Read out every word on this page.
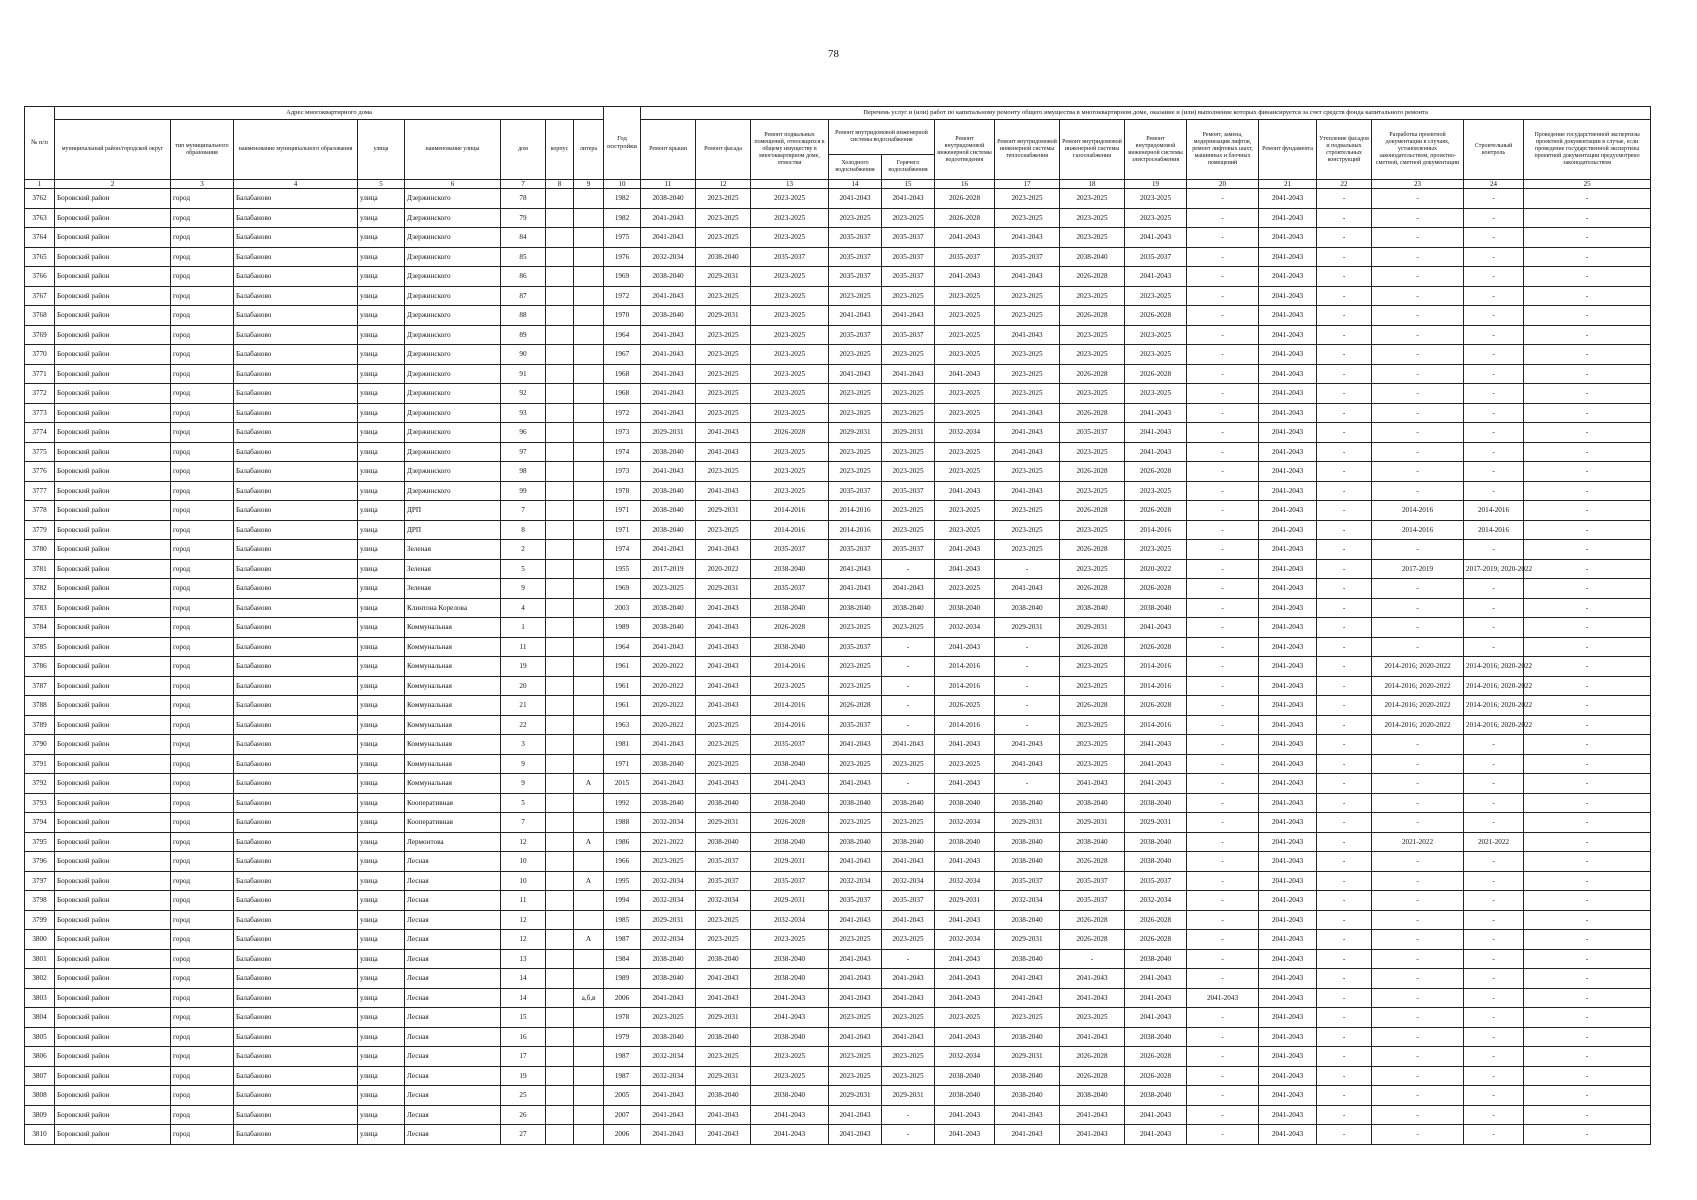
78
№ п/п	Адрес многоквартирного дома								Год постройки	Перечень услуг и (или) работ по капитальному ремонту общего имущества в многоквартирном доме, оказание и (или) выполнение которых финансируется за счет средств фонда капитального ремонта														
	муниципальный район/городской округ	тип муниципального образования	наименование муниципального образования	улица	наименование улицы	дом	корпус	литера		Ремонт крыши	Ремонт фасада	Ремонт подвальных помещений, относящихся к общему имуществу в многоквартирном доме, отмостки	Ремонт внутридомовой инженерной системы водоснабжения		Ремонт внутридомовой инженерной системы водоотведения	Ремонт внутридомовой инженерной системы теплоснабжения	Ремонт внутридомовой инженерной системы газоснабжения	Ремонт внутридомовой инженерной системы электроснабжения	Ремонт, замена, модернизация лифтов, ремонт лифтовых шахт, машинных и блочных помещений	Ремонт фундамента	Утепление фасадов и подвальных строительных конструкций	Разработка проектной документации в случаях, установленных законодательством, проектно-сметной, сметной документации	Строительный контроль	Проведение государственной экспертизы проектной документации в случае, если проведение государственной экспертизы проектной документации предусмотрено законодательством
													Холодного водоснабжения	Горячего водоснабжения										
1	2	3	4	5	6	7	8	9	10	11	12	13	14	15	16	17	18	19	20	21	22	23	24	25
3762	Боровский район	город	Балабаново	улица	Дзержинского	78			1982	2038-2040	2023-2025	2023-2025	2041-2043	2041-2043	2026-2028	2023-2025	2023-2025	2023-2025	-	2041-2043	-	-	-	-
3763	Боровский район	город	Балабаново	улица	Дзержинского	79			1982	2041-2043	2023-2025	2023-2025	2023-2025	2023-2025	2026-2028	2023-2025	2023-2025	2023-2025	-	2041-2043	-	-	-	-
3764	Боровский район	город	Балабаново	улица	Дзержинского	84			1975	2041-2043	2023-2025	2023-2025	2035-2037	2035-2037	2041-2043	2041-2043	2023-2025	2041-2043	-	2041-2043	-	-	-	-
3765	Боровский район	город	Балабаново	улица	Дзержинского	85			1976	2032-2034	2038-2040	2035-2037	2035-2037	2035-2037	2035-2037	2035-2037	2038-2040	2035-2037	-	2041-2043	-	-	-	-
3766	Боровский район	город	Балабаново	улица	Дзержинского	86			1969	2038-2040	2029-2031	2023-2025	2035-2037	2035-2037	2041-2043	2041-2043	2026-2028	2041-2043	-	2041-2043	-	-	-	-
3767	Боровский район	город	Балабаново	улица	Дзержинского	87			1972	2041-2043	2023-2025	2023-2025	2023-2025	2023-2025	2023-2025	2023-2025	2023-2025	2023-2025	-	2041-2043	-	-	-	-
3768	Боровский район	город	Балабаново	улица	Дзержинского	88			1970	2038-2040	2029-2031	2023-2025	2041-2043	2041-2043	2023-2025	2023-2025	2026-2028	2026-2028	-	2041-2043	-	-	-	-
3769	Боровский район	город	Балабаново	улица	Дзержинского	89			1964	2041-2043	2023-2025	2023-2025	2035-2037	2035-2037	2023-2025	2041-2043	2023-2025	2023-2025	-	2041-2043	-	-	-	-
3770	Боровский район	город	Балабаново	улица	Дзержинского	90			1967	2041-2043	2023-2025	2023-2025	2023-2025	2023-2025	2023-2025	2023-2025	2023-2025	2023-2025	-	2041-2043	-	-	-	-
3771	Боровский район	город	Балабаново	улица	Дзержинского	91			1968	2041-2043	2023-2025	2023-2025	2041-2043	2041-2043	2041-2043	2023-2025	2026-2028	2026-2028	-	2041-2043	-	-	-	-
3772	Боровский район	город	Балабаново	улица	Дзержинского	92			1968	2041-2043	2023-2025	2023-2025	2023-2025	2023-2025	2023-2025	2023-2025	2023-2025	2023-2025	-	2041-2043	-	-	-	-
3773	Боровский район	город	Балабаново	улица	Дзержинского	93			1972	2041-2043	2023-2025	2023-2025	2023-2025	2023-2025	2023-2025	2041-2043	2026-2028	2041-2043	-	2041-2043	-	-	-	-
3774	Боровский район	город	Балабаново	улица	Дзержинского	96			1973	2029-2031	2041-2043	2026-2028	2029-2031	2029-2031	2032-2034	2041-2043	2035-2037	2041-2043	-	2041-2043	-	-	-	-
3775	Боровский район	город	Балабаново	улица	Дзержинского	97			1974	2038-2040	2041-2043	2023-2025	2023-2025	2023-2025	2023-2025	2041-2043	2023-2025	2041-2043	-	2041-2043	-	-	-	-
3776	Боровский район	город	Балабаново	улица	Дзержинского	98			1973	2041-2043	2023-2025	2023-2025	2023-2025	2023-2025	2023-2025	2023-2025	2026-2028	2026-2028	-	2041-2043	-	-	-	-
3777	Боровский район	город	Балабаново	улица	Дзержинского	99			1978	2038-2040	2041-2043	2023-2025	2035-2037	2035-2037	2041-2043	2041-2043	2023-2025	2023-2025	-	2041-2043	-	-	-	-
3778	Боровский район	город	Балабаново	улица	ДРП	7			1971	2038-2040	2029-2031	2014-2016	2014-2016	2023-2025	2023-2025	2023-2025	2026-2028	2026-2028	-	2041-2043	-	2014-2016	2014-2016	-
3779	Боровский район	город	Балабаново	улица	ДРП	8			1971	2038-2040	2023-2025	2014-2016	2014-2016	2023-2025	2023-2025	2023-2025	2023-2025	2014-2016	-	2041-2043	-	2014-2016	2014-2016	-
3780	Боровский район	город	Балабаново	улица	Зеленая	2			1974	2041-2043	2041-2043	2035-2037	2035-2037	2035-2037	2041-2043	2023-2025	2026-2028	2023-2025	-	2041-2043	-	-	-	-
3781	Боровский район	город	Балабаново	улица	Зеленая	5			1955	2017-2019	2020-2022	2038-2040	2041-2043	-	2041-2043	-	2023-2025	2020-2022	-	2041-2043	-	2017-2019	2017-2019; 2020-2022	-
3782	Боровский район	город	Балабаново	улица	Зеленая	9			1969	2023-2025	2029-2031	2035-2037	2041-2043	2041-2043	2023-2025	2041-2043	2026-2028	2026-2028	-	2041-2043	-	-	-	-
3783	Боровский район	город	Балабаново	улица	Клинтона Корелова	4			2003	2038-2040	2041-2043	2038-2040	2038-2040	2038-2040	2038-2040	2038-2040	2038-2040	2038-2040	-	2041-2043	-	-	-	-
3784	Боровский район	город	Балабаново	улица	Коммунальная	1			1989	2038-2040	2041-2043	2026-2028	2023-2025	2023-2025	2032-2034	2029-2031	2029-2031	2041-2043	-	2041-2043	-	-	-	-
3785	Боровский район	город	Балабаново	улица	Коммунальная	11			1964	2041-2043	2041-2043	2038-2040	2035-2037	-	2041-2043	-	2026-2028	2026-2028	-	2041-2043	-	-	-	-
3786	Боровский район	город	Балабаново	улица	Коммунальная	19			1961	2020-2022	2041-2043	2014-2016	2023-2025	-	2014-2016	-	2023-2025	2014-2016	-	2041-2043	-	2014-2016; 2020-2022	2014-2016; 2020-2022	-
3787	Боровский район	город	Балабаново	улица	Коммунальная	20			1961	2020-2022	2041-2043	2023-2025	2023-2025	-	2014-2016	-	2023-2025	2014-2016	-	2041-2043	-	2014-2016; 2020-2022	2014-2016; 2020-2022	-
3788	Боровский район	город	Балабаново	улица	Коммунальная	21			1961	2020-2022	2041-2043	2014-2016	2026-2028	-	2026-2025	-	2026-2028	2026-2028	-	2041-2043	-	2014-2016; 2020-2022	2014-2016; 2020-2022	-
3789	Боровский район	город	Балабаново	улица	Коммунальная	22			1963	2020-2022	2023-2025	2014-2016	2035-2037	-	2014-2016	-	2023-2025	2014-2016	-	2041-2043	-	2014-2016; 2020-2022	2014-2016; 2020-2022	-
3790	Боровский район	город	Балабаново	улица	Коммунальная	3			1981	2041-2043	2023-2025	2035-2037	2041-2043	2041-2043	2041-2043	2041-2043	2023-2025	2041-2043	-	2041-2043	-	-	-	-
3791	Боровский район	город	Балабаново	улица	Коммунальная	9			1971	2038-2040	2023-2025	2038-2040	2023-2025	2023-2025	2023-2025	2041-2043	2023-2025	2041-2043	-	2041-2043	-	-	-	-
3792	Боровский район	город	Балабаново	улица	Коммунальная	9		А	2015	2041-2043	2041-2043	2041-2043	2041-2043	-	2041-2043	-	2041-2043	2041-2043	-	2041-2043	-	-	-	-
3793	Боровский район	город	Балабаново	улица	Кооперативная	5			1992	2038-2040	2038-2040	2038-2040	2038-2040	2038-2040	2038-2040	2038-2040	2038-2040	2038-2040	-	2041-2043	-	-	-	-
3794	Боровский район	город	Балабаново	улица	Кооперативная	7			1988	2032-2034	2029-2031	2026-2028	2023-2025	2023-2025	2032-2034	2029-2031	2029-2031	2029-2031	-	2041-2043	-	-	-	-
3795	Боровский район	город	Балабаново	улица	Лермонтова	12		А	1986	2021-2022	2038-2040	2038-2040	2038-2040	2038-2040	2038-2040	2038-2040	2038-2040	2038-2040	-	2041-2043	-	2021-2022	2021-2022	-
3796	Боровский район	город	Балабаново	улица	Лесная	10			1966	2023-2025	2035-2037	2029-2031	2041-2043	2041-2043	2041-2043	2038-2040	2026-2028	2038-2040	-	2041-2043	-	-	-	-
3797	Боровский район	город	Балабаново	улица	Лесная	10		А	1995	2032-2034	2035-2037	2035-2037	2032-2034	2032-2034	2032-2034	2035-2037	2035-2037	2035-2037	-	2041-2043	-	-	-	-
3798	Боровский район	город	Балабаново	улица	Лесная	11			1994	2032-2034	2032-2034	2029-2031	2035-2037	2035-2037	2029-2031	2032-2034	2035-2037	2032-2034	-	2041-2043	-	-	-	-
3799	Боровский район	город	Балабаново	улица	Лесная	12			1985	2029-2031	2023-2025	2032-2034	2041-2043	2041-2043	2041-2043	2038-2040	2026-2028	2026-2028	-	2041-2043	-	-	-	-
3800	Боровский район	город	Балабаново	улица	Лесная	12		А	1987	2032-2034	2023-2025	2023-2025	2023-2025	2023-2025	2032-2034	2029-2031	2026-2028	2026-2028	-	2041-2043	-	-	-	-
3801	Боровский район	город	Балабаново	улица	Лесная	13			1984	2038-2040	2038-2040	2038-2040	2041-2043	-	2041-2043	2038-2040	-	2038-2040	-	2041-2043	-	-	-	-
3802	Боровский район	город	Балабаново	улица	Лесная	14			1989	2038-2040	2041-2043	2038-2040	2041-2043	2041-2043	2041-2043	2041-2043	2041-2043	2041-2043	-	2041-2043	-	-	-	-
3803	Боровский район	город	Балабаново	улица	Лесная	14		а,б,в	2006	2041-2043	2041-2043	2041-2043	2041-2043	2041-2043	2041-2043	2041-2043	2041-2043	2041-2043	2041-2043	2041-2043	-	-	-	-
3804	Боровский район	город	Балабаново	улица	Лесная	15			1978	2023-2025	2029-2031	2041-2043	2023-2025	2023-2025	2023-2025	2023-2025	2023-2025	2041-2043	-	2041-2043	-	-	-	-
3805	Боровский район	город	Балабаново	улица	Лесная	16			1979	2038-2040	2038-2040	2038-2040	2041-2043	2041-2043	2041-2043	2038-2040	2041-2043	2038-2040	-	2041-2043	-	-	-	-
3806	Боровский район	город	Балабаново	улица	Лесная	17			1987	2032-2034	2023-2025	2023-2025	2023-2025	2023-2025	2032-2034	2029-2031	2026-2028	2026-2028	-	2041-2043	-	-	-	-
3807	Боровский район	город	Балабаново	улица	Лесная	19			1987	2032-2034	2029-2031	2023-2025	2023-2025	2023-2025	2038-2040	2038-2040	2026-2028	2026-2028	-	2041-2043	-	-	-	-
3808	Боровский район	город	Балабаново	улица	Лесная	25			2005	2041-2043	2038-2040	2038-2040	2029-2031	2029-2031	2038-2040	2038-2040	2038-2040	2038-2040	-	2041-2043	-	-	-	-
3809	Боровский район	город	Балабаново	улица	Лесная	26			2007	2041-2043	2041-2043	2041-2043	2041-2043	-	2041-2043	2041-2043	2041-2043	2041-2043	-	2041-2043	-	-	-	-
3810	Боровский район	город	Балабаново	улица	Лесная	27			2006	2041-2043	2041-2043	2041-2043	2041-2043	-	2041-2043	2041-2043	2041-2043	2041-2043	-	2041-2043	-	-	-	-
